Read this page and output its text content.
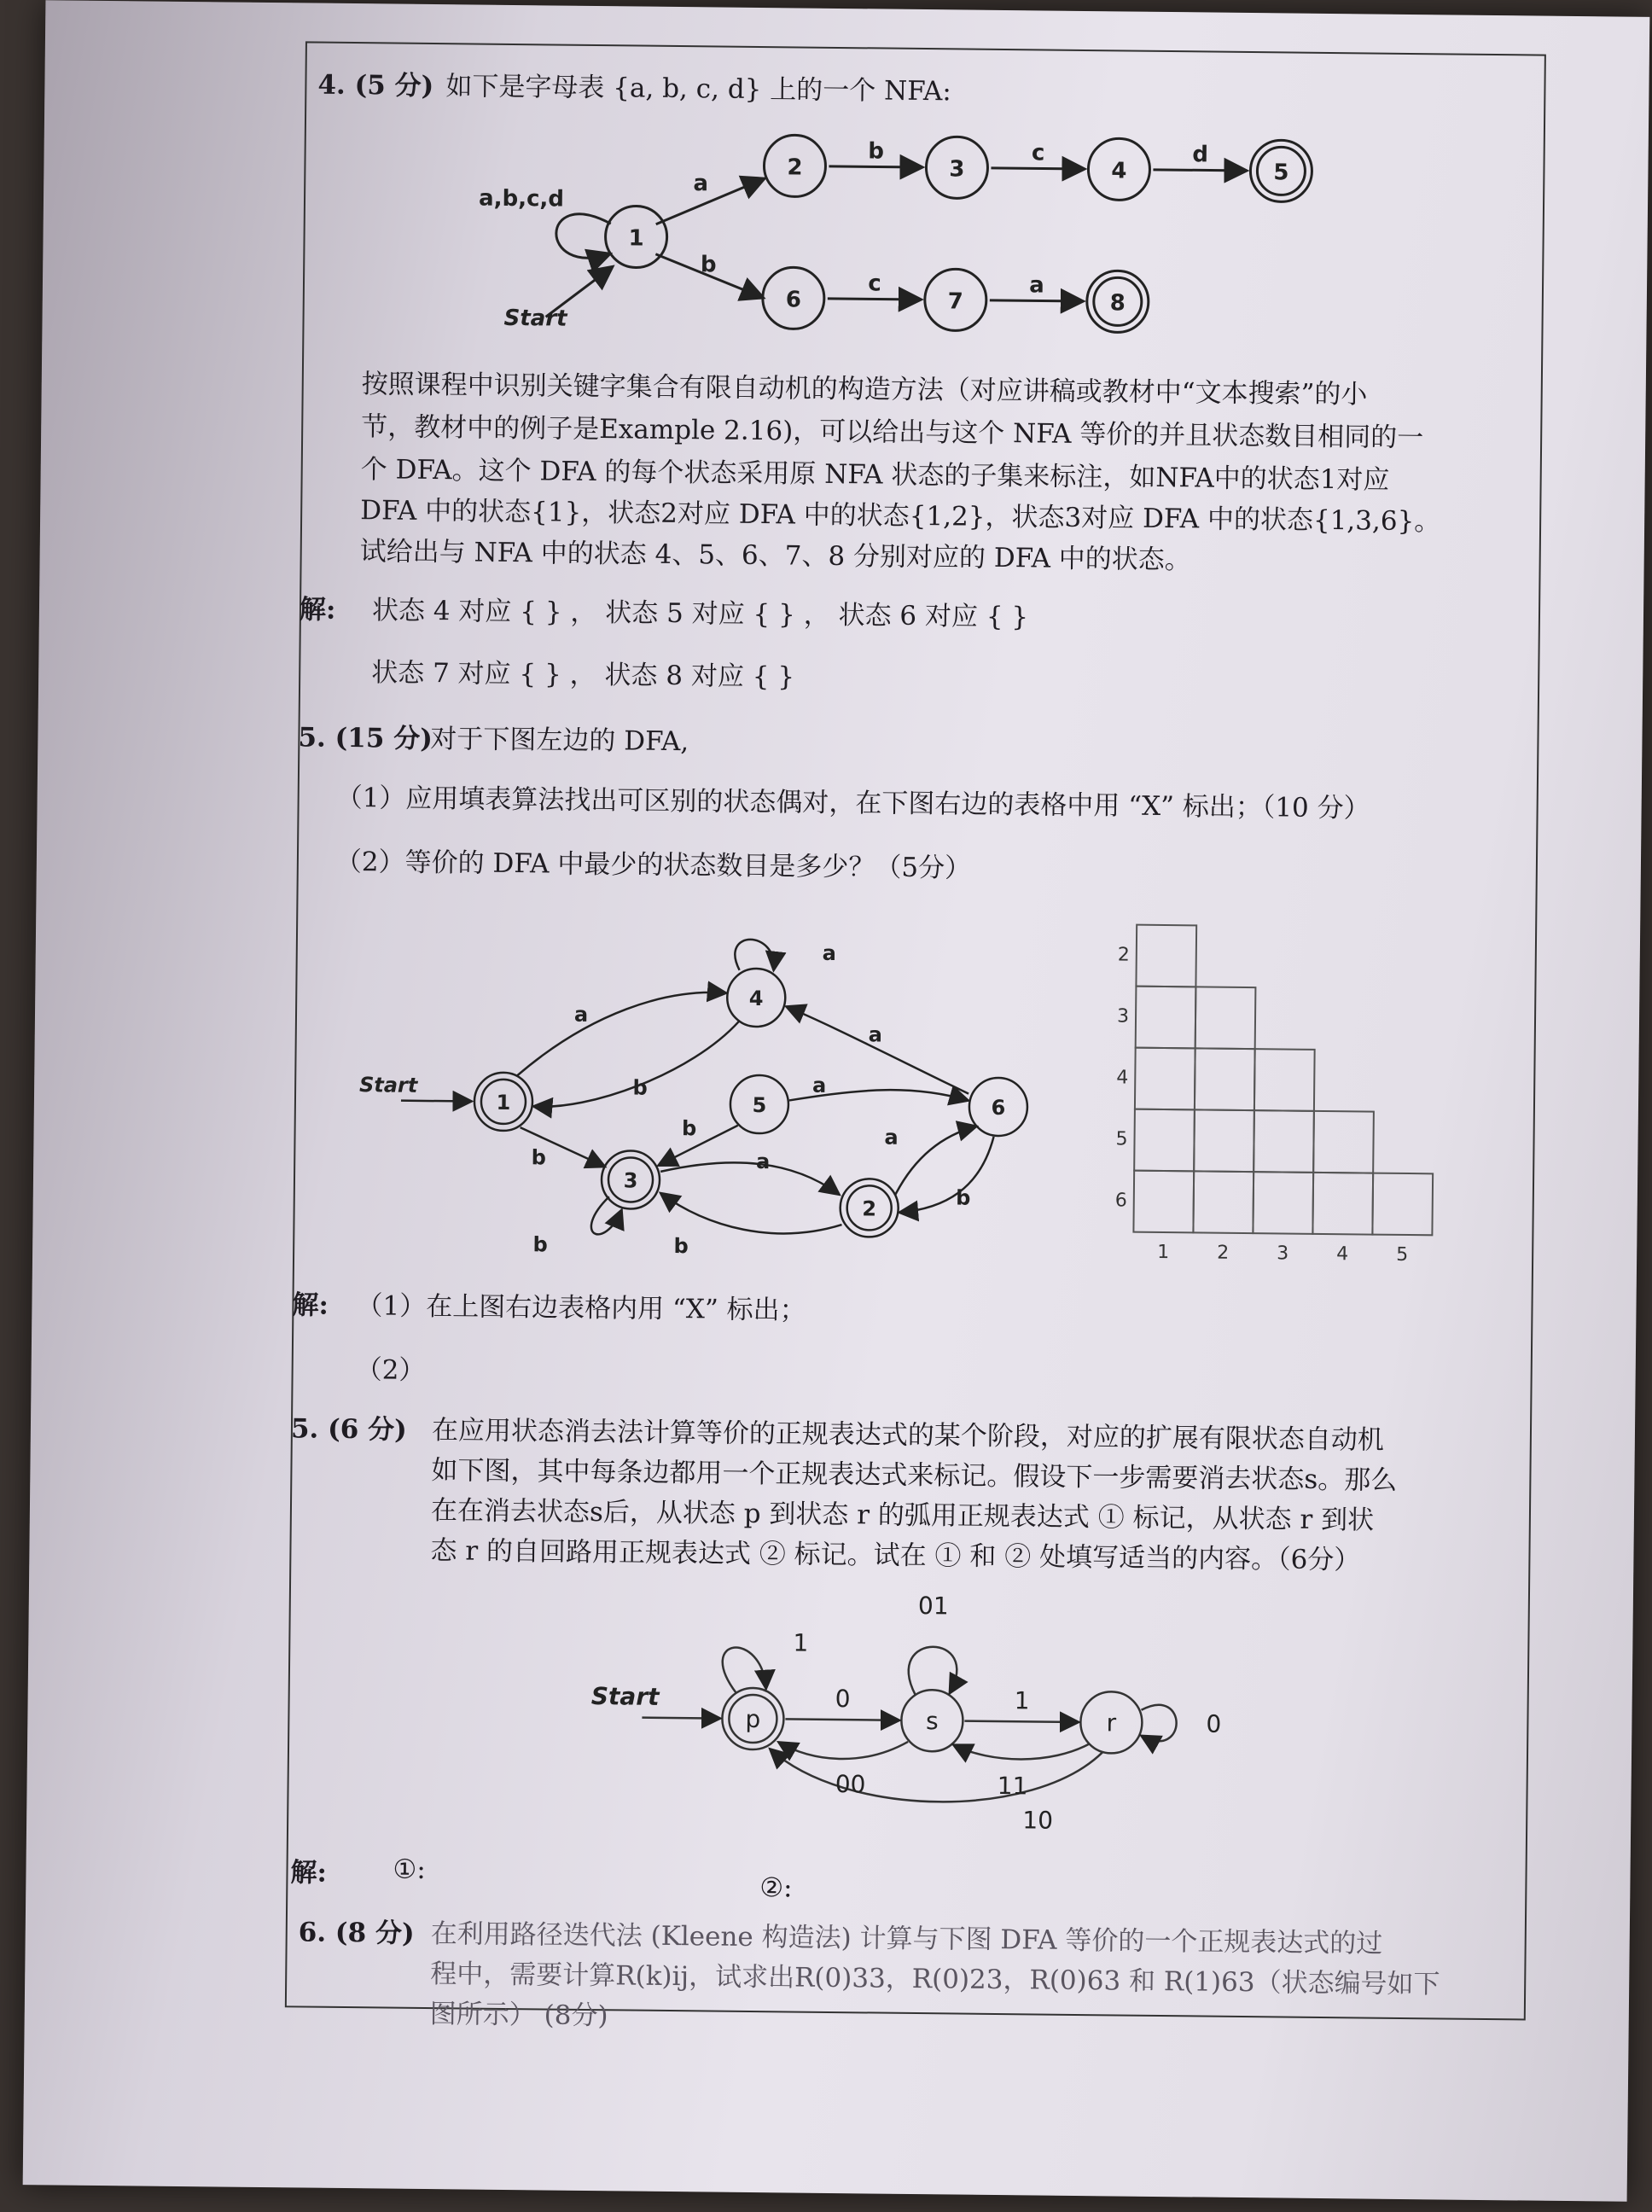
4. (5 分) 如下是字母表 {a, b, c, d} 上的一个 NFA:
a,b,c,d
Start
1
2	3	4	5
6	7	8
a
b	c	d
b
c	a
按照课程中识别关键字集合有限自动机的构造方法（对应讲稿或教材中“文本搜索”的小
节，教材中的例子是Example 2.16)，可以给出与这个 NFA 等价的并且状态数目相同的一
个 DFA。这个 DFA 的每个状态采用原 NFA 状态的子集来标注，如NFA中的状态1对应
DFA 中的状态{1}，状态2对应 DFA 中的状态{1,2}，状态3对应 DFA 中的状态{1,3,6}。
试给出与 NFA 中的状态 4、5、6、7、8 分别对应的 DFA 中的状态。
解: 状态 4 对应 { } ， 状态 5 对应 { } ， 状态 6 对应 { }
状态 7 对应 { } ， 状态 8 对应 { }
5. (15 分)
对于下图左边的 DFA,
（1）应用填表算法找出可区别的状态偶对，在下图右边的表格中用 “X” 标出；（10 分）
（2）等价的 DFA 中最少的状态数目是多少？（5分）
Start
1
2
3
4
5	6
a
a
b
a
a
b
b	a
b
a
b
b
2
3
4
5
6
1	2	3	4	5
解: （1）在上图右边表格内用 “X” 标出；
（2）
5. (6 分) 在应用状态消去法计算等价的正规表达式的某个阶段，对应的扩展有限状态自动机
如下图，其中每条边都用一个正规表达式来标记。假设下一步需要消去状态s。那么
在在消去状态s后，从状态 p 到状态 r 的弧用正规表达式 ① 标记，从状态 r 到状
态 r 的自回路用正规表达式 ② 标记。试在 ① 和 ② 处填写适当的内容。（6分）
Start
p	s	r
1
01
0	1
0
00	11
10
解: ①:
②:
6. (8 分) 在利用路径迭代法 (Kleene 构造法) 计算与下图 DFA 等价的一个正规表达式的过
程中，需要计算R(k)ij，试求出R(0)33，R(0)23，R(0)63 和 R(1)63（状态编号如下
图所示） (8分)
